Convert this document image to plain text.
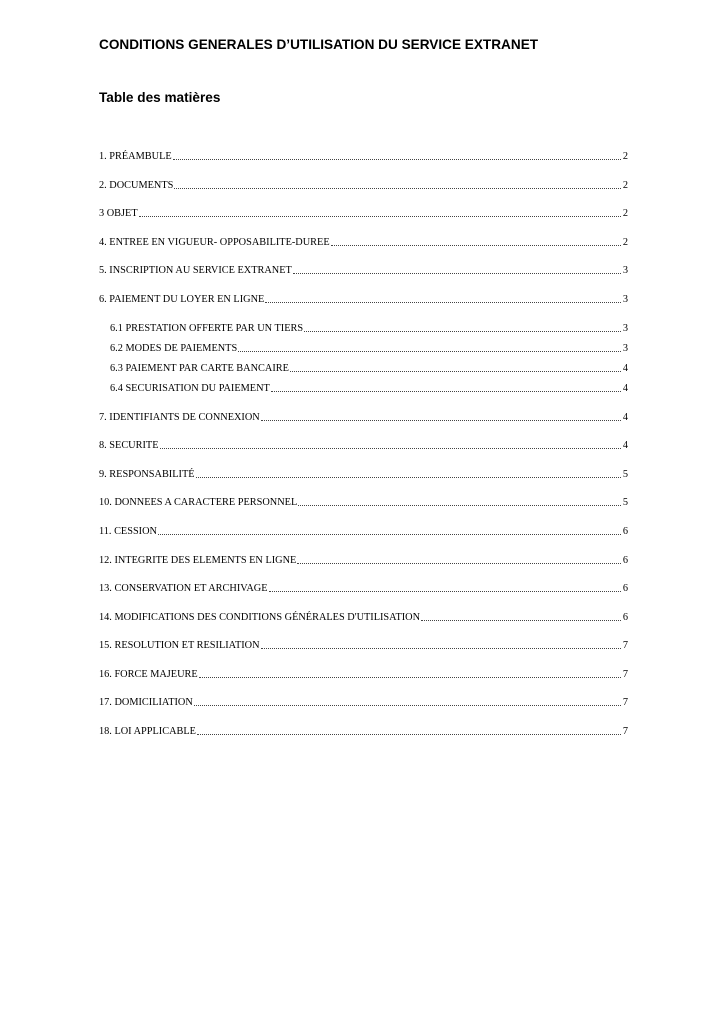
CONDITIONS GENERALES D’UTILISATION DU SERVICE EXTRANET
Table des matières
1. PRÉAMBULE	2
2. DOCUMENTS	2
3 OBJET	2
4. ENTREE EN VIGUEUR- OPPOSABILITE-DUREE	2
5. INSCRIPTION AU SERVICE EXTRANET	3
6. PAIEMENT DU LOYER EN LIGNE	3
6.1 PRESTATION OFFERTE PAR UN TIERS	3
6.2 MODES DE PAIEMENTS	3
6.3 PAIEMENT PAR CARTE BANCAIRE	4
6.4 SECURISATION DU PAIEMENT	4
7. IDENTIFIANTS DE CONNEXION	4
8. SECURITE	4
9. RESPONSABILITÉ	5
10. DONNEES A CARACTERE PERSONNEL	5
11. CESSION	6
12. INTEGRITE DES ELEMENTS EN LIGNE	6
13. CONSERVATION ET ARCHIVAGE	6
14. MODIFICATIONS DES CONDITIONS GÉNÉRALES D'UTILISATION	6
15. RESOLUTION ET RESILIATION	7
16. FORCE MAJEURE	7
17. DOMICILIATION	7
18. LOI APPLICABLE	7
